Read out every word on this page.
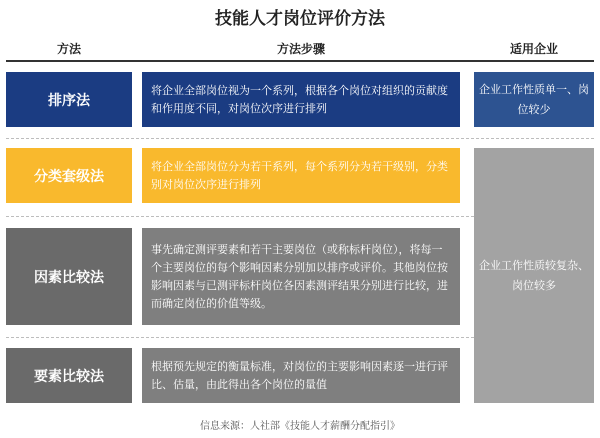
技能人才岗位评价方法
方法	方法步骤	适用企业
排序法
将企业全部岗位视为一个系列，根据各个岗位对组织的贡献度和作用度不同，对岗位次序进行排列
企业工作性质单一、岗位较少
分类套级法
将企业全部岗位分为若干系列，每个系列分为若干级别，分类别对岗位次序进行排列
因素比较法
事先确定测评要素和若干主要岗位（或称标杆岗位），将每一个主要岗位的每个影响因素分别加以排序或评价。其他岗位按影响因素与已测评标杆岗位各因素测评结果分别进行比较，进而确定岗位的价值等级。
要素比较法
根据预先规定的衡量标准，对岗位的主要影响因素逐一进行评比、估量，由此得出各个岗位的量值
企业工作性质较复杂、岗位较多
信息来源：人社部《技能人才薪酬分配指引》
